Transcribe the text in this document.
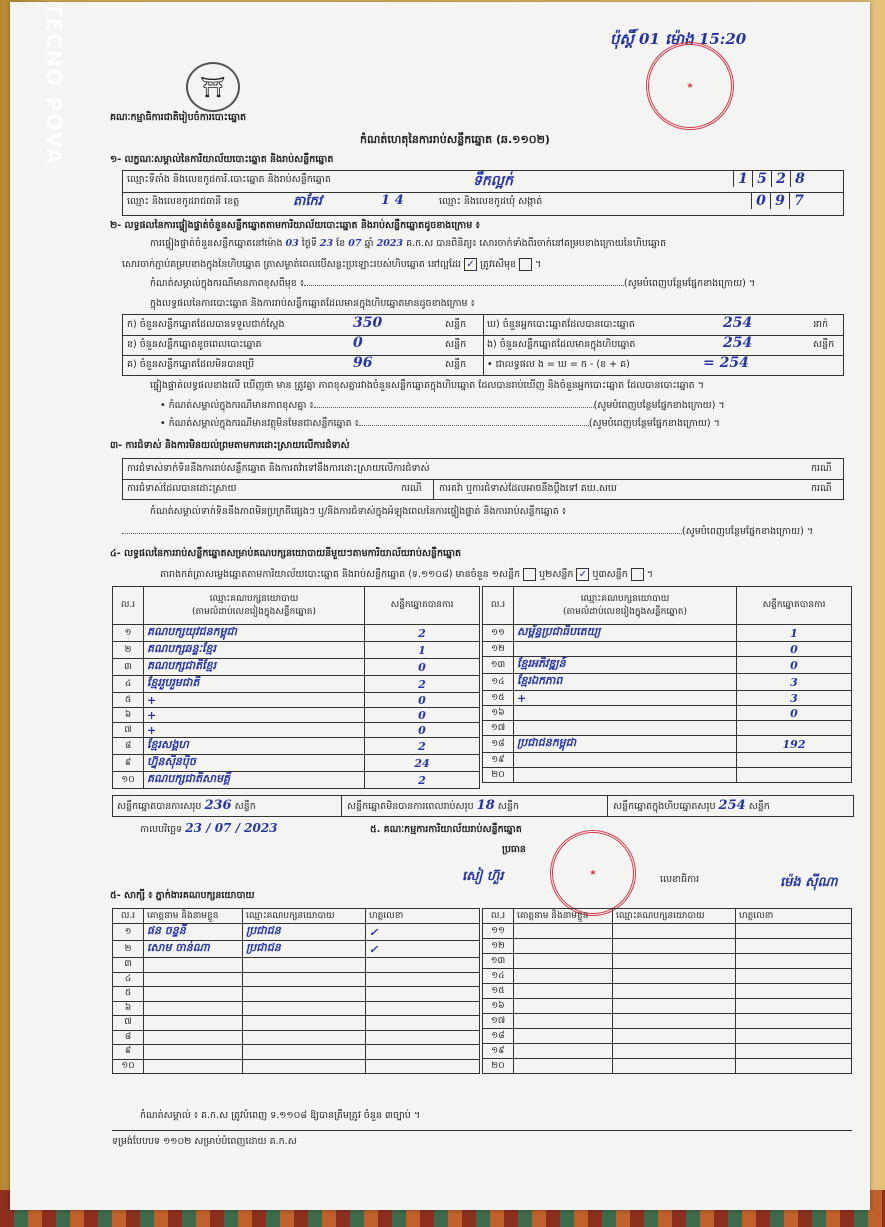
ប៉ុស្ដិ៍ 01 ម៉ោង 15:20
★
⛩
គណៈកម្មាធិការជាតិរៀបចំការបោះឆ្នោត
កំណត់ហេតុនៃការរាប់សន្លឹកឆ្នោត (ឆ.១១០២)
១- លក្ខណៈសម្គាល់នៃការិយាល័យបោះឆ្នោត និងរាប់សន្លឹកឆ្នោត
ឈ្មោះទីតាំង និងលេខកូដការិ.បោះឆ្នោត និងរាប់សន្លឹកឆ្នោត	ទឹកល្អក់	1 5 2 8
ឈ្មោះ និងលេខកូដរាជធានី ខេត្ត	តាកែវ	1 4	ឈ្មោះ និងលេខកូដឃុំ សង្កាត់	0 9 7
២- លទ្ធផលនៃការផ្ទៀងផ្ទាត់ចំនួនសន្លឹកឆ្នោតតាមការិយាល័យបោះឆ្នោត និងរាប់សន្លឹកឆ្នោតដូចខាងក្រោម ៖
ការផ្ទៀងផ្ទាត់ចំនួនសន្លឹកឆ្នោតនៅម៉ោង 03 ថ្ងៃទី 23 ខែ 07 ឆ្នាំ 2023 គ.ក.ស បានពិនិត្យ៖ សោរចាក់ទាំងពីរចាក់នៅគម្របខាងក្រោយនៃហិបឆ្នោត
សោរចាក់ភ្ជាប់គម្របខាងក្នុងនៃហិបឆ្នោត ត្រាសម្ងាត់ពេលបើសន្លះប្រឡោះរបស់ហិបឆ្នោត នៅល្អដែរ ✓ ត្រូវសើមុខ  ។
កំណត់សម្គាល់ក្នុងករណីមានភាពខុសពីមុខ ៖	(សូមបំពេញបន្ថែមផ្នែកខាងក្រោយ) ។
ក្នុងលទ្ធផលនៃការបោះឆ្នោត និងការរាប់សន្លឹកឆ្នោតដែលមានក្នុងហិបឆ្នោតមានដូចខាងក្រោម ៖
ក) ចំនួនសន្លឹកឆ្នោតដែលបានទទួលជាក់ស្ដែង	350	សន្លឹក ឃ) ចំនួនអ្នកបោះឆ្នោតដែលបានបោះឆ្នោត	254	នាក់
ខ) ចំនួនសន្លឹកឆ្នោតខូចពេលបោះឆ្នោត	0	សន្លឹក ង) ចំនួនសន្លឹកឆ្នោតដែលមានក្នុងហិបឆ្នោត	254	សន្លឹក
គ) ចំនួនសន្លឹកឆ្នោតដែលមិនបានប្រើ	96	សន្លឹក • ជាលទ្ធផល ង = ឃ = ក - (ខ + គ)	= 254
ផ្ទៀងផ្ទាត់លទ្ធផលខាងលើ ឃើញថា មាន ត្រូវគ្នា ភាពខុសគ្នារវាងចំនួនសន្លឹកឆ្នោតក្នុងហិបឆ្នោត ដែលបានរាប់ឃើញ និងចំនួនអ្នកបោះឆ្នោត ដែលបានបោះឆ្នោត ។
• កំណត់សម្គាល់ក្នុងករណីមានភាពខុសគ្នា ៖	(សូមបំពេញបន្ថែមផ្នែកខាងក្រោយ) ។
• កំណត់សម្គាល់ក្នុងករណីមានវត្ថុមិនមែនជាសន្លឹកឆ្នោត ៖	(សូមបំពេញបន្ថែមផ្នែកខាងក្រោយ) ។
៣- ការជំទាស់ និងការមិនយល់ព្រមតាមការដោះស្រាយលើការជំទាស់
ការជំទាស់ទាក់ទិននឹងការរាប់សន្លឹកឆ្នោត និងការតវ៉ាទៅនឹងការដោះស្រាយលើការជំទាស់	ករណី
ការជំទាស់ដែលបានដោះស្រាយ	ករណី ការតវ៉ា ឬការជំទាស់ដែលអាចនឹងប្ដឹងទៅ គឃ.សឃ	ករណី
កំណត់សម្គាល់ទាក់ទិននឹងភាពមិនប្រក្រតីផ្សេងៗ ឬ/និងការជំទាស់ក្នុងអំឡុងពេលនៃការផ្ទៀងផ្ទាត់ និងការរាប់សន្លឹកឆ្នោត ៖
(សូមបំពេញបន្ថែមផ្នែកខាងក្រោយ) ។
៤- លទ្ធផលនៃការរាប់សន្លឹកឆ្នោតសម្រាប់គណបក្សនយោបាយនីមួយៗតាមការិយាល័យរាប់សន្លឹកឆ្នោត
តារាងកត់ត្រាសម្លេងឆ្នោតតាមការិយាល័យបោះឆ្នោត និងរាប់សន្លឹកឆ្នោត (ទ.១១០៨) មានចំនួន ១សន្លឹក ឬ២សន្លឹក ✓ ឬ៣សន្លឹក  ។
ល.រ	ឈ្មោះគណបក្សនយោបាយ
(តាមលំដាប់លេខរៀងក្នុងសន្លឹកឆ្នោត)	សន្លឹកឆ្នោតបានការ
១	គណបក្សយុវជនកម្ពុជា	2
២	គណបក្សឆន្ទៈខ្មែរ	1
៣	គណបក្សជាតិខ្មែរ	0
៤	ខ្មែររួបរួមជាតិ	2
៥	+	0
៦	+	0
៧	+	0
៨	ខ្មែរសង្គហ	2
៩	ហ្វ៊ុនស៊ិនប៉ិច	24
១០	គណបក្សជាតិសាមគ្គី	2
ល.រ	ឈ្មោះគណបក្សនយោបាយ
(តាមលំដាប់លេខរៀងក្នុងសន្លឹកឆ្នោត)	សន្លឹកឆ្នោតបានការ
១១	សម្ព័ន្ធប្រជាធិបតេយ្យ	1
១២		0
១៣	ខ្មែរអភិវឌ្ឍន៍	0
១៤	ខ្មែរឯកភាព	3
១៥	+	3
១៦		0
១៧		
១៨	ប្រជាជនកម្ពុជា	192
១៩		
២០		
សន្លឹកឆ្នោតបានការសរុប 236 សន្លឹក	សន្លឹកឆ្នោតមិនបានការពេលរាប់សរុប 18 សន្លឹក	សន្លឹកឆ្នោតក្នុងហិបឆ្នោតសរុប 254 សន្លឹក
កាលបរិច្ឆេទ 23 / 07 / 2023	៥. គណៈកម្មការការិយាល័យរាប់សន្លឹកឆ្នោត
ប្រធាន
★
សៀ ហ៊ួរ	លេខាធិការ	ម៉េង ស៊ីណា
៥- សាក្សី ៖ ភ្នាក់ងារគណបក្សនយោបាយ
ល.រ	គោត្តនាម និងនាមខ្លួន	ឈ្មោះគណបក្សនយោបាយ	ហត្ថលេខា
១	ផន ចន្ទនី	ប្រជាជន	✓
២	សោម ចាន់ណា	ប្រជាជន	✓
៣			
៤			
៥			
៦			
៧			
៨			
៩			
១០			
ល.រ	គោត្តនាម និងនាមខ្លួន	ឈ្មោះគណបក្សនយោបាយ	ហត្ថលេខា
១១			
១២			
១៣			
១៤			
១៥			
១៦			
១៧			
១៨			
១៩			
២០			
កំណត់សម្គាល់ ៖ គ.ក.ស ត្រូវបំពេញ ទ.១១០៨ ឱ្យបានត្រឹមត្រូវ ចំនួន ៣ច្បាប់ ។
ទម្រង់បែបបទ ១១០២ សម្រាប់បំពេញដោយ គ.ក.ស
TECNO POVA
